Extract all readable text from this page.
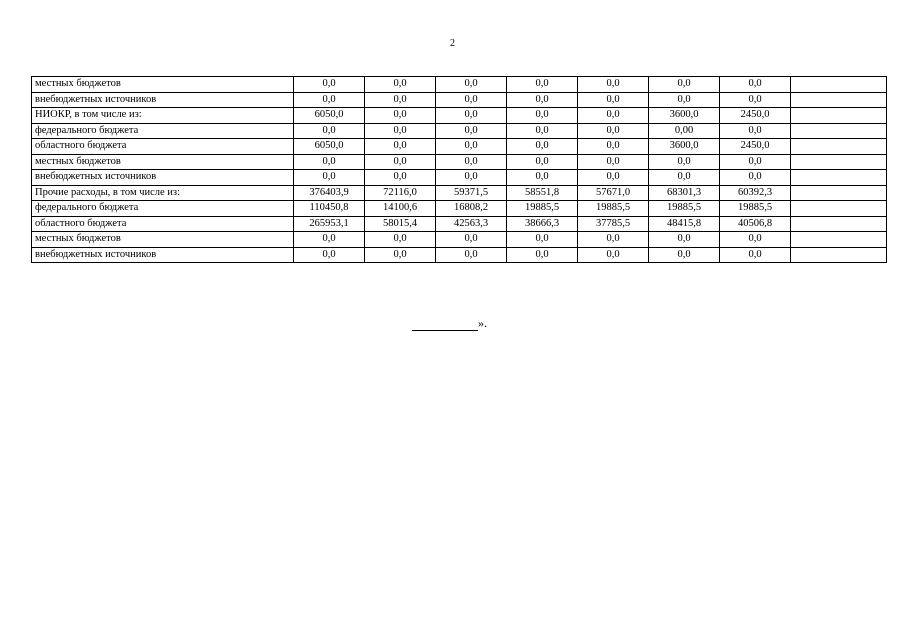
2
местных бюджетов	0,0	0,0	0,0	0,0	0,0	0,0	0,0	
внебюджетных источников	0,0	0,0	0,0	0,0	0,0	0,0	0,0	
НИОКР, в том числе из:	6050,0	0,0	0,0	0,0	0,0	3600,0	2450,0	
федерального бюджета	0,0	0,0	0,0	0,0	0,0	0,00	0,0	
областного бюджета	6050,0	0,0	0,0	0,0	0,0	3600,0	2450,0	
местных бюджетов	0,0	0,0	0,0	0,0	0,0	0,0	0,0	
внебюджетных источников	0,0	0,0	0,0	0,0	0,0	0,0	0,0	
Прочие расходы, в том числе из:	376403,9	72116,0	59371,5	58551,8	57671,0	68301,3	60392,3	
федерального бюджета	110450,8	14100,6	16808,2	19885,5	19885,5	19885,5	19885,5	
областного бюджета	265953,1	58015,4	42563,3	38666,3	37785,5	48415,8	40506,8	
местных бюджетов	0,0	0,0	0,0	0,0	0,0	0,0	0,0	
внебюджетных источников	0,0	0,0	0,0	0,0	0,0	0,0	0,0	
».
